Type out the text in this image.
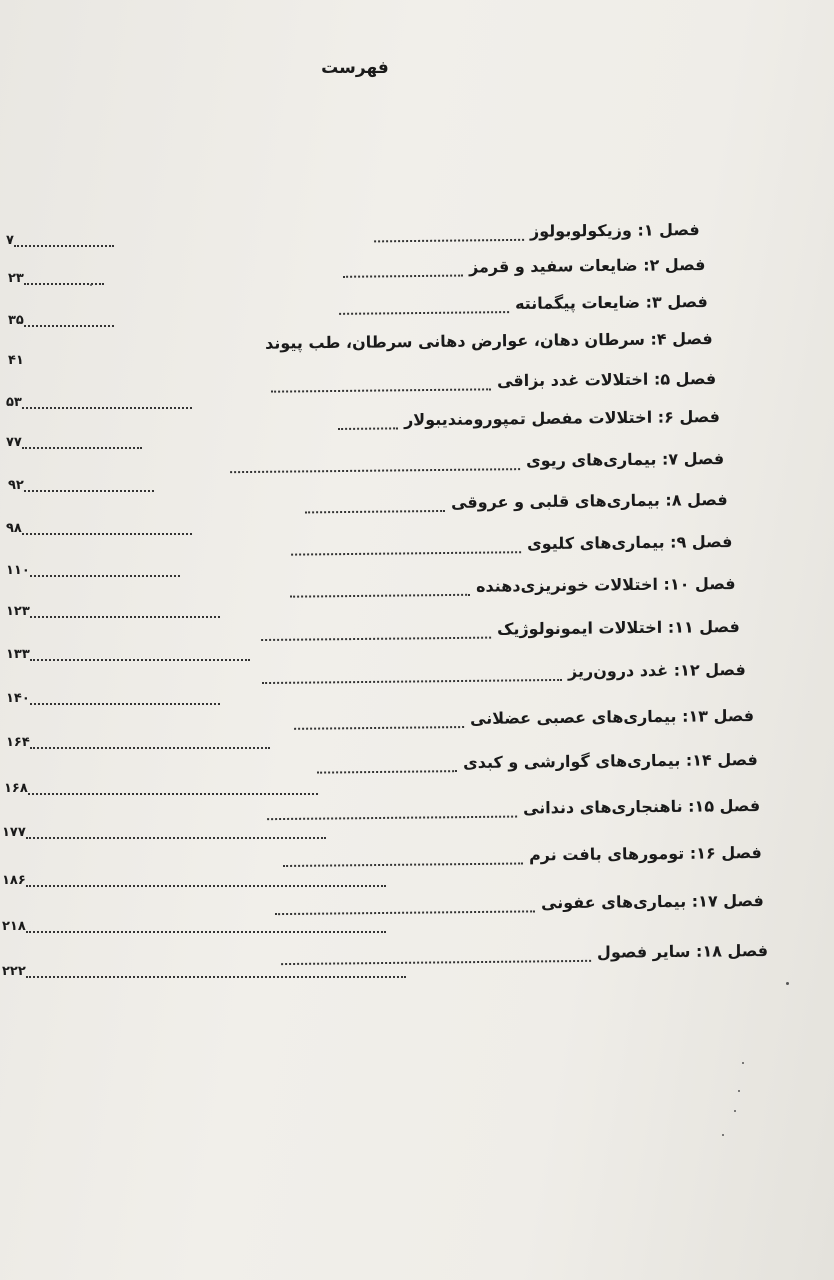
فهرست
فصل ۱: وزیکولوبولوز
۷
فصل ۲: ضایعات سفید و قرمز
۲۳
فصل ۳: ضایعات پیگمانته
۳۵
فصل ۴: سرطان دهان، عوارض دهانی سرطان، طب پیوند
۴۱
فصل ۵: اختلالات غدد بزاقی
۵۳
فصل ۶: اختلالات مفصل تمپورومندیبولار
۷۷
فصل ۷: بیماری‌های ریوی
۹۲
فصل ۸: بیماری‌های قلبی و عروقی
۹۸
فصل ۹: بیماری‌های کلیوی
۱۱۰
فصل ۱۰: اختلالات خونریزی‌دهنده
۱۲۳
فصل ۱۱: اختلالات ایمونولوژیک
۱۳۳
فصل ۱۲: غدد درون‌ریز
۱۴۰
فصل ۱۳: بیماری‌های عصبی عضلانی
۱۶۴
فصل ۱۴: بیماری‌های گوارشی و کبدی
۱۶۸
فصل ۱۵: ناهنجاری‌های دندانی
۱۷۷
فصل ۱۶: تومورهای بافت نرم
۱۸۶
فصل ۱۷: بیماری‌های عفونی
۲۱۸
فصل ۱۸: سایر فصول
۲۲۲
